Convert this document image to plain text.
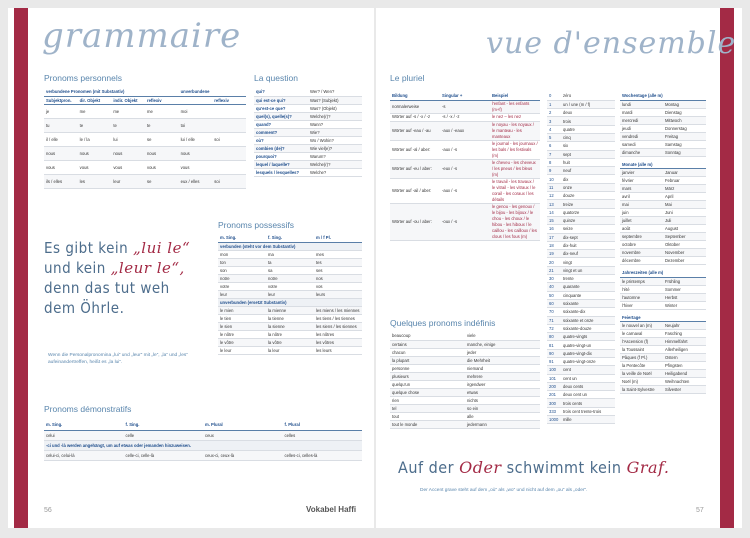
grammaire
Pronoms personnels
verbundene Pronomen (mit Substantiv)				unverbundene	
Subjektpron.	dir. Objekt	indir. Objekt	reflexiv		reflexiv
je	me	me	me	moi	
tu	te	te	te	toi	
il / elle	le / la	lui	se	lui / elle	soi
nous	nous	nous	nous	nous	
vous	vous	vous	vous	vous	
ils / elles	les	leur	se	eux / elles	soi
La question
qui?	Wer? / Wen?
qui est-ce qui?	Was? (Subjekt)
qu'est-ce que?	Was? (Objekt)
quel(s), quelle(s)?	Welche(r)?
quand?	Wann?
comment?	Wie?
où?	Wo / Wohin?
combien (de)?	Wie viel(e)?
pourquoi?	Warum?
lequel / laquelle?	Welche(r)?
lesquels / lesquelles?	Welche?
Pronoms possessifs
m. Sing.	f. Sing.	m / f Pl.
verbunden (steht vor dem Substantiv)		
mon	ma	mes
ton	ta	tes
son	sa	ses
notre	notre	nos
votre	votre	vos
leur	leur	leurs
unverbunden (ersetzt Substantiv)		
le mien	la mienne	les miens / les miennes
le tien	la tienne	les tiens / les tiennes
le sien	la sienne	les siens / les siennes
le nôtre	la nôtre	les nôtres
le vôtre	la vôtre	les vôtres
le leur	la leur	les leurs
Es gibt kein „lui le“
und kein „leur le“,
denn das tut weh
dem Öhrle.
Wenn die Personalpronomina „lui“ und „leur“ mit „le“, „la“ und „les“ aufeinandertreffen, heißt es „la lui“.
Pronoms démonstratifs
m. Sing.	f. Sing.	m. Plural	f. Plural
celui	celle	ceux	celles
-ci und -là werden angehängt, um auf etwas oder jemanden hinzuweisen.			
celui-ci, celui-là	celle-ci, celle-là	ceux-ci, ceux-là	celles-ci, celles-là
56	Vokabel Haffi
vue d'ensemble
Le pluriel
Bildung	Singular +	Beispiel
normalerweise	-s	l'enfant - les enfants (m+f)
Wörter auf -s / -x / -z	-s / -x / -z	le nez – les nez
Wörter auf -eau / -au	-aux / -eaux	le noyau - les noyaux / le manteau - les manteaux
Wörter auf -al / aber:	-aux / -s	le journal - les journaux / les bals / les festivals (m)
Wörter auf -eu / aber:	-eux / -s	le cheveu - les cheveux / les pneus / les bleus (m)
Wörter auf -ail / aber:	-aux / -s	le travail - les travaux / le vitrail - les vitraux / le corail - les coraux / les détails
Wörter auf -ou / aber:	-oux / -s	le genou - les genoux / le bijou - les bijoux / le chou - les choux / le hibou - les hiboux / le caillou - les cailloux / les clous / les fous (m)
Quelques pronoms indéfinis
beaucoup	viele
certains	manche, einige
chacun	jeder
la plupart	die Mehrheit
personne	niemand
plusieurs	mehrere
quelqu'un	irgendwer
quelque chose	etwas
rien	nichts
tel	so ein
tout	alle
tout le monde	jedermann
0	zéro
1	un / une (m / f)
2	deux
3	trois
4	quatre
5	cinq
6	six
7	sept
8	huit
9	neuf
10	dix
11	onze
12	douze
13	treize
14	quatorze
15	quinze
16	seize
17	dix-sept
18	dix-huit
19	dix-neuf
20	vingt
21	vingt et un
30	trente
40	quarante
50	cinquante
60	soixante
70	soixante-dix
71	soixante et onze
72	soixante-douze
80	quatre-vingts
81	quatre-vingt-un
90	quatre-vingt-dix
91	quatre-vingt-onze
100	cent
101	cent un
200	deux cents
201	deux cent un
300	trois cents
333	trois cent trente-trois
1000	mille
Wochentage (alle m)	
lundi	Montag
mardi	Dienstag
mercredi	Mittwoch
jeudi	Donnerstag
vendredi	Freitag
samedi	Samstag
dimanche	Sonntag
Monate (alle m)	
janvier	Januar
février	Februar
mars	März
avril	April
mai	Mai
juin	Juni
juillet	Juli
août	August
septembre	September
octobre	Oktober
novembre	November
décembre	Dezember
Jahreszeiten (alle m)	
le printemps	Frühling
l'été	Sommer
l'automne	Herbst
l'hiver	Winter
Feiertage	
le nouvel an (m)	Neujahr
le carnaval	Fasching
l'Ascension (f)	Himmelfahrt
la Toussaint	Allerheiligen
Pâques (f Pl.)	Ostern
la Pentecôte	Pfingsten
la veille de Noël	Heiligabend
Noël (m)	Weihnachten
la Saint-Sylvestre	Silvester
Auf der Oder schwimmt kein Graf.
Der Accent grave steht auf dem „où“ als „wo“ und nicht auf dem „ou“ als „oder“.
57
